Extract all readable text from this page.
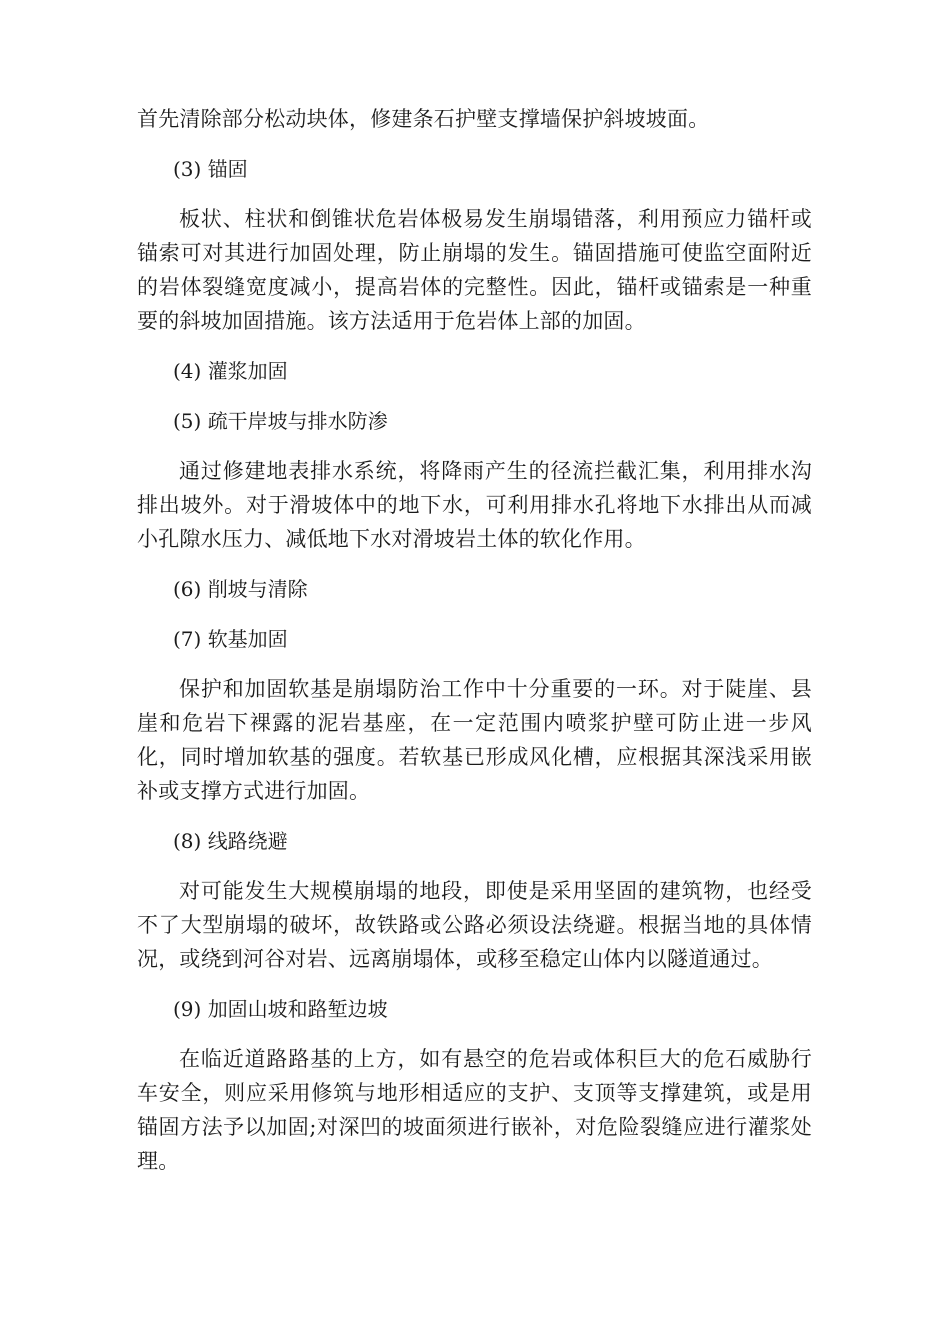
首先清除部分松动块体，修建条石护壁支撑墙保护斜坡坡面。

(3) 锚固

板状、柱状和倒锥状危岩体极易发生崩塌错落，利用预应力锚杆或锚索可对其进行加固处理，防止崩塌的发生。锚固措施可使监空面附近的岩体裂缝宽度减小，提高岩体的完整性。因此，锚杆或锚索是一种重要的斜坡加固措施。该方法适用于危岩体上部的加固。

(4) 灌浆加固

(5) 疏干岸坡与排水防渗

通过修建地表排水系统，将降雨产生的径流拦截汇集，利用排水沟排出坡外。对于滑坡体中的地下水，可利用排水孔将地下水排出从而减小孔隙水压力、减低地下水对滑坡岩土体的软化作用。

(6) 削坡与清除

(7) 软基加固

保护和加固软基是崩塌防治工作中十分重要的一环。对于陡崖、县崖和危岩下裸露的泥岩基座，在一定范围内喷浆护壁可防止进一步风化，同时增加软基的强度。若软基已形成风化槽，应根据其深浅采用嵌补或支撑方式进行加固。

(8) 线路绕避

对可能发生大规模崩塌的地段，即使是采用坚固的建筑物，也经受不了大型崩塌的破坏，故铁路或公路必须设法绕避。根据当地的具体情况，或绕到河谷对岩、远离崩塌体，或移至稳定山体内以隧道通过。

(9) 加固山坡和路堑边坡

在临近道路路基的上方，如有悬空的危岩或体积巨大的危石威胁行车安全，则应采用修筑与地形相适应的支护、支顶等支撑建筑，或是用锚固方法予以加固;对深凹的坡面须进行嵌补，对危险裂缝应进行灌浆处理。
